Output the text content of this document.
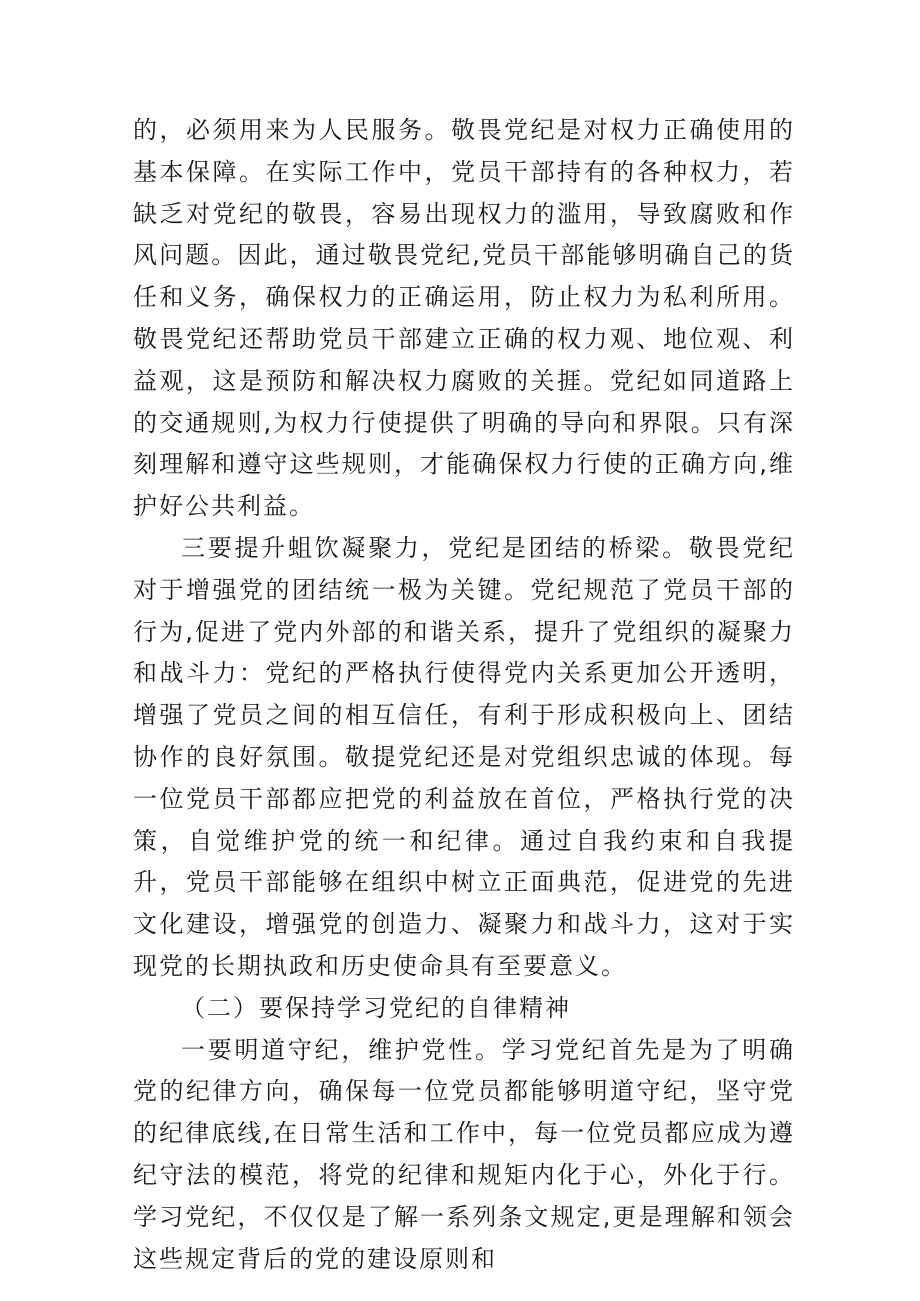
的，必须用来为人民服务。敬畏党纪是对权力正确使用的基本保障。在实际工作中，党员干部持有的各种权力，若缺乏对党纪的敬畏，容易出现权力的滥用，导致腐败和作风问题。因此，通过敬畏党纪,党员干部能够明确自己的货任和义务，确保权力的正确运用，防止权力为私利所用。敬畏党纪还帮助党员干部建立正确的权力观、地位观、利益观，这是预防和解决权力腐败的关捱。党纪如同道路上的交通规则,为权力行使提供了明确的导向和界限。只有深刻理解和遵守这些规则，才能确保权力行使的正确方向,维护好公共利益。

三要提升蛆饮凝聚力，党纪是团结的桥梁。敬畏党纪对于增强党的团结统一极为关键。党纪规范了党员干部的行为,促进了党内外部的和谐关系，提升了党组织的凝聚力和战斗力：党纪的严格执行使得党内关系更加公开透明，增强了党员之间的相互信任，有利于形成积极向上、团结协作的良好氛围。敬提党纪还是对党组织忠诚的体现。每一位党员干部都应把党的利益放在首位，严格执行党的决策，自觉维护党的统一和纪律。通过自我约束和自我提升，党员干部能够在组织中树立正面典范，促进党的先进文化建设，增强党的创造力、凝聚力和战斗力，这对于实现党的长期执政和历史使命具有至要意义。

（二）要保持学习党纪的自律精神

一要明道守纪，维护党性。学习党纪首先是为了明确党的纪律方向，确保每一位党员都能够明道守纪，坚守党的纪律底线,在日常生活和工作中，每一位党员都应成为遵纪守法的模范，将党的纪律和规矩内化于心，外化于行。学习党纪，不仅仅是了解一系列条文规定,更是理解和领会这些规定背后的党的建设原则和
